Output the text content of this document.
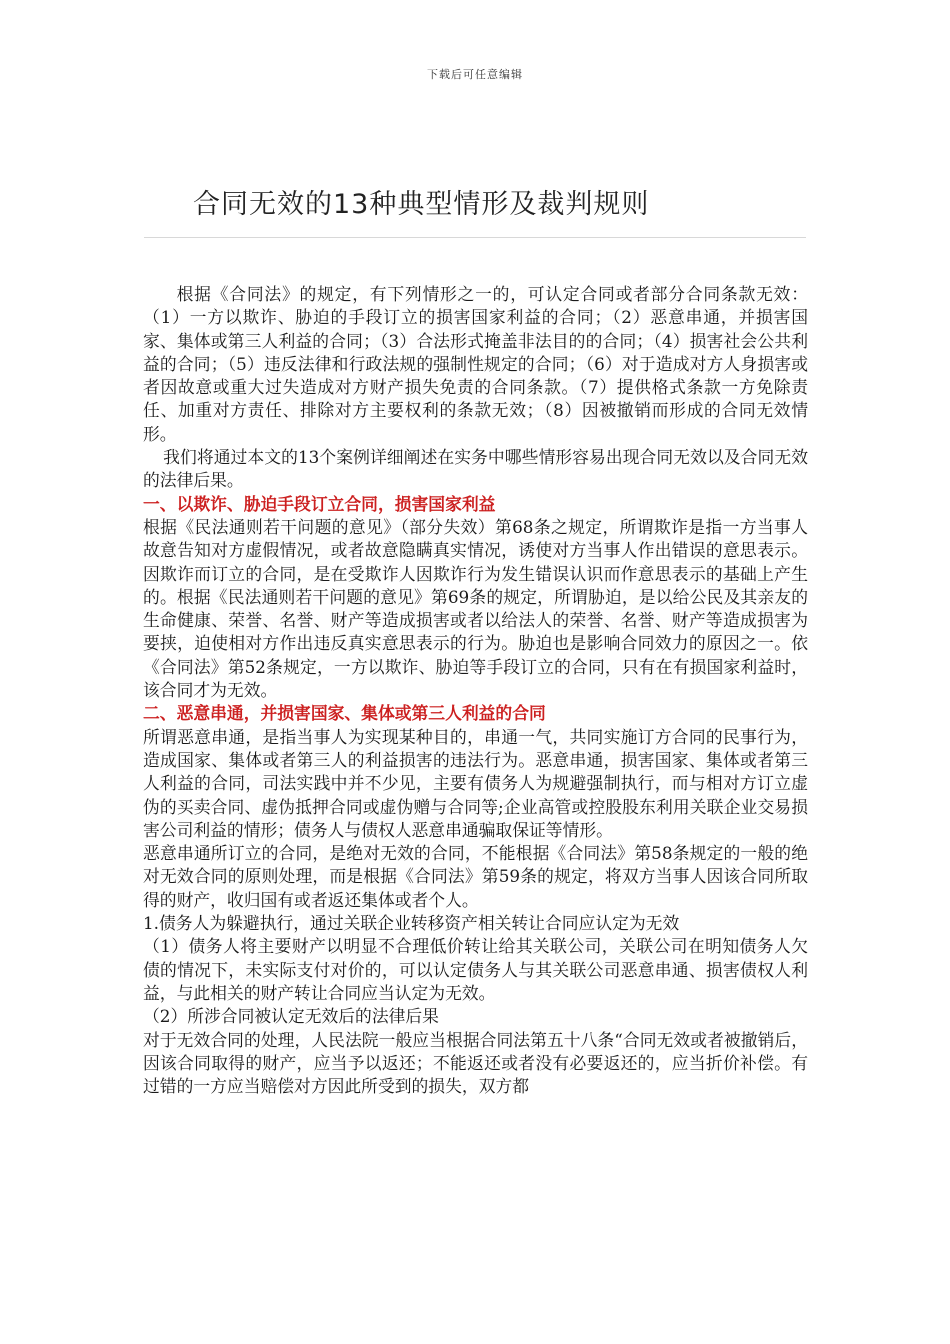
下载后可任意编辑
合同无效的13种典型情形及裁判规则

根据《合同法》的规定，有下列情形之一的，可认定合同或者部分合同条款无效：（1）一方以欺诈、胁迫的手段订立的损害国家利益的合同；（2）恶意串通，并损害国家、集体或第三人利益的合同；（3）合法形式掩盖非法目的的合同；（4）损害社会公共利益的合同；（5）违反法律和行政法规的强制性规定的合同；（6）对于造成对方人身损害或者因故意或重大过失造成对方财产损失免责的合同条款。（7）提供格式条款一方免除责任、加重对方责任、排除对方主要权利的条款无效；（8）因被撤销而形成的合同无效情形。

我们将通过本文的13个案例详细阐述在实务中哪些情形容易出现合同无效以及合同无效的法律后果。

一、以欺诈、胁迫手段订立合同，损害国家利益

根据《民法通则若干问题的意见》（部分失效）第68条之规定，所谓欺诈是指一方当事人故意告知对方虚假情况，或者故意隐瞒真实情况，诱使对方当事人作出错误的意思表示。因欺诈而订立的合同，是在受欺诈人因欺诈行为发生错误认识而作意思表示的基础上产生的。根据《民法通则若干问题的意见》第69条的规定，所谓胁迫，是以给公民及其亲友的生命健康、荣誉、名誉、财产等造成损害或者以给法人的荣誉、名誉、财产等造成损害为要挟，迫使相对方作出违反真实意思表示的行为。胁迫也是影响合同效力的原因之一。依《合同法》第52条规定，一方以欺诈、胁迫等手段订立的合同，只有在有损国家利益时，该合同才为无效。

二、恶意串通，并损害国家、集体或第三人利益的合同

所谓恶意串通，是指当事人为实现某种目的，串通一气，共同实施订方合同的民事行为，造成国家、集体或者第三人的利益损害的违法行为。恶意串通，损害国家、集体或者第三人利益的合同，司法实践中并不少见，主要有债务人为规避强制执行，而与相对方订立虚伪的买卖合同、虚伪抵押合同或虚伪赠与合同等;企业高管或控股股东利用关联企业交易损害公司利益的情形；债务人与债权人恶意串通骗取保证等情形。

恶意串通所订立的合同，是绝对无效的合同，不能根据《合同法》第58条规定的一般的绝对无效合同的原则处理，而是根据《合同法》第59条的规定，将双方当事人因该合同所取得的财产，收归国有或者返还集体或者个人。

1.债务人为躲避执行，通过关联企业转移资产相关转让合同应认定为无效

（1）债务人将主要财产以明显不合理低价转让给其关联公司，关联公司在明知债务人欠债的情况下，未实际支付对价的，可以认定债务人与其关联公司恶意串通、损害债权人利益，与此相关的财产转让合同应当认定为无效。

（2）所涉合同被认定无效后的法律后果

对于无效合同的处理，人民法院一般应当根据合同法第五十八条“合同无效或者被撤销后，因该合同取得的财产，应当予以返还；不能返还或者没有必要返还的，应当折价补偿。有过错的一方应当赔偿对方因此所受到的损失，双方都
